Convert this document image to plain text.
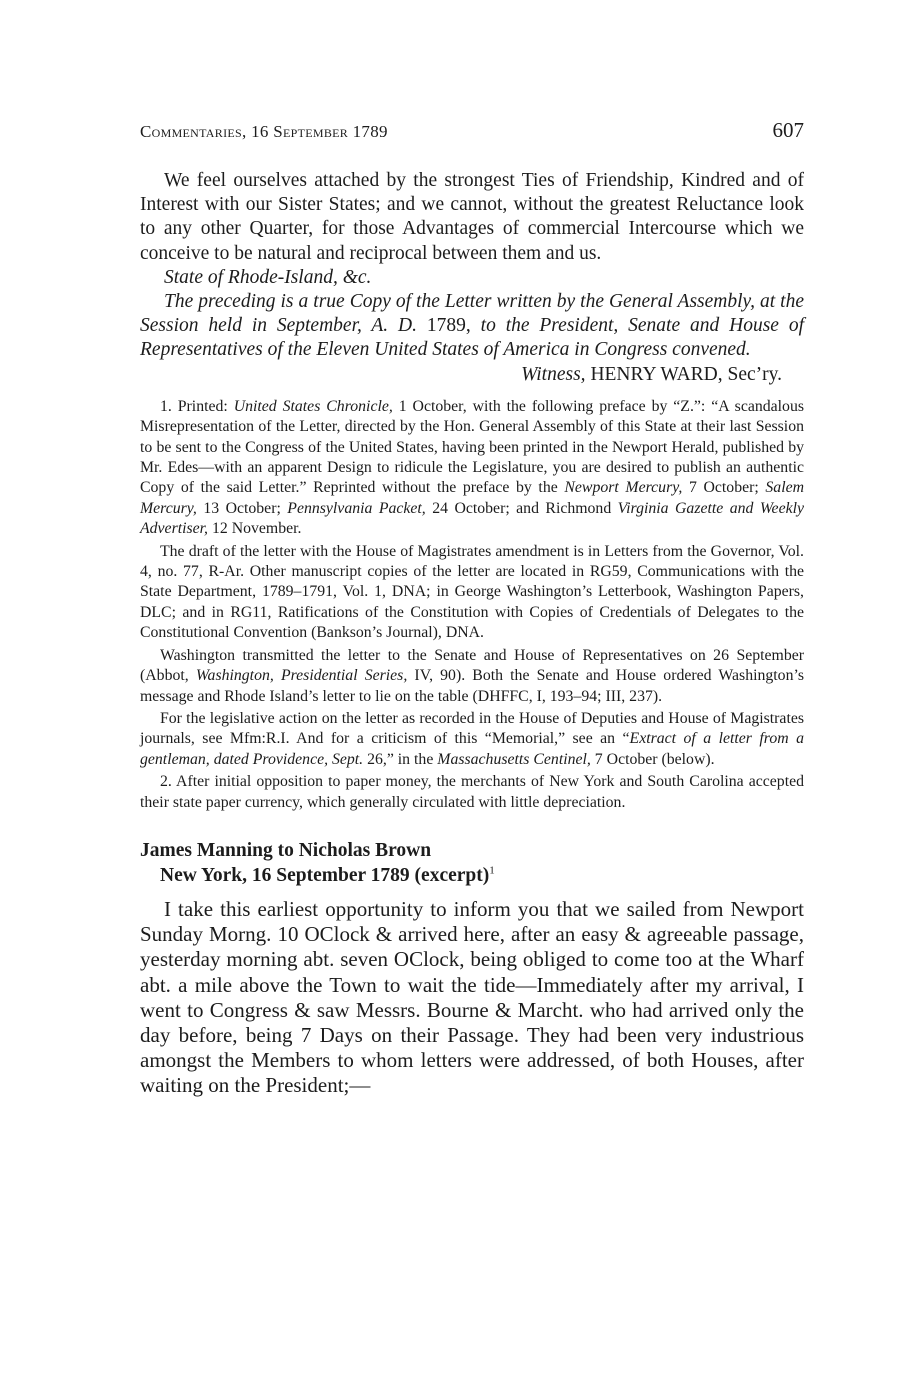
Commentaries, 16 September 1789	607

We feel ourselves attached by the strongest Ties of Friendship, Kindred and of Interest with our Sister States; and we cannot, without the greatest Reluctance look to any other Quarter, for those Advantages of commercial Intercourse which we conceive to be natural and reciprocal between them and us.

State of Rhode-Island, &c.

The preceding is a true Copy of the Letter written by the General Assembly, at the Session held in September, A. D. 1789, to the President, Senate and House of Representatives of the Eleven United States of America in Congress convened.

Witness, HENRY WARD, Sec’ry.

1. Printed: United States Chronicle, 1 October, with the following preface by “Z.”: “A scandalous Misrepresentation of the Letter, directed by the Hon. General Assembly of this State at their last Session to be sent to the Congress of the United States, having been printed in the Newport Herald, published by Mr. Edes—with an apparent Design to ridicule the Legislature, you are desired to publish an authentic Copy of the said Letter.” Reprinted without the preface by the Newport Mercury, 7 October; Salem Mercury, 13 October; Pennsylvania Packet, 24 October; and Richmond Virginia Gazette and Weekly Advertiser, 12 November.

The draft of the letter with the House of Magistrates amendment is in Letters from the Governor, Vol. 4, no. 77, R-Ar. Other manuscript copies of the letter are located in RG59, Communications with the State Department, 1789–1791, Vol. 1, DNA; in George Washington’s Letterbook, Washington Papers, DLC; and in RG11, Ratifications of the Constitution with Copies of Credentials of Delegates to the Constitutional Convention (Bankson’s Journal), DNA.

Washington transmitted the letter to the Senate and House of Representatives on 26 September (Abbot, Washington, Presidential Series, IV, 90). Both the Senate and House ordered Washington’s message and Rhode Island’s letter to lie on the table (DHFFC, I, 193–94; III, 237).

For the legislative action on the letter as recorded in the House of Deputies and House of Magistrates journals, see Mfm:R.I. And for a criticism of this “Memorial,” see an “Extract of a letter from a gentleman, dated Providence, Sept. 26,” in the Massachusetts Centinel, 7 October (below).

2. After initial opposition to paper money, the merchants of New York and South Carolina accepted their state paper currency, which generally circulated with little depreciation.

James Manning to Nicholas Brown
New York, 16 September 1789 (excerpt)$^1$

I take this earliest opportunity to inform you that we sailed from Newport Sunday Morng. 10 OClock & arrived here, after an easy & agreeable passage, yesterday morning abt. seven OClock, being obliged to come too at the Wharf abt. a mile above the Town to wait the tide—Immediately after my arrival, I went to Congress & saw Messrs. Bourne & Marcht. who had arrived only the day before, being 7 Days on their Passage. They had been very industrious amongst the Members to whom letters were addressed, of both Houses, after waiting on the President;—
